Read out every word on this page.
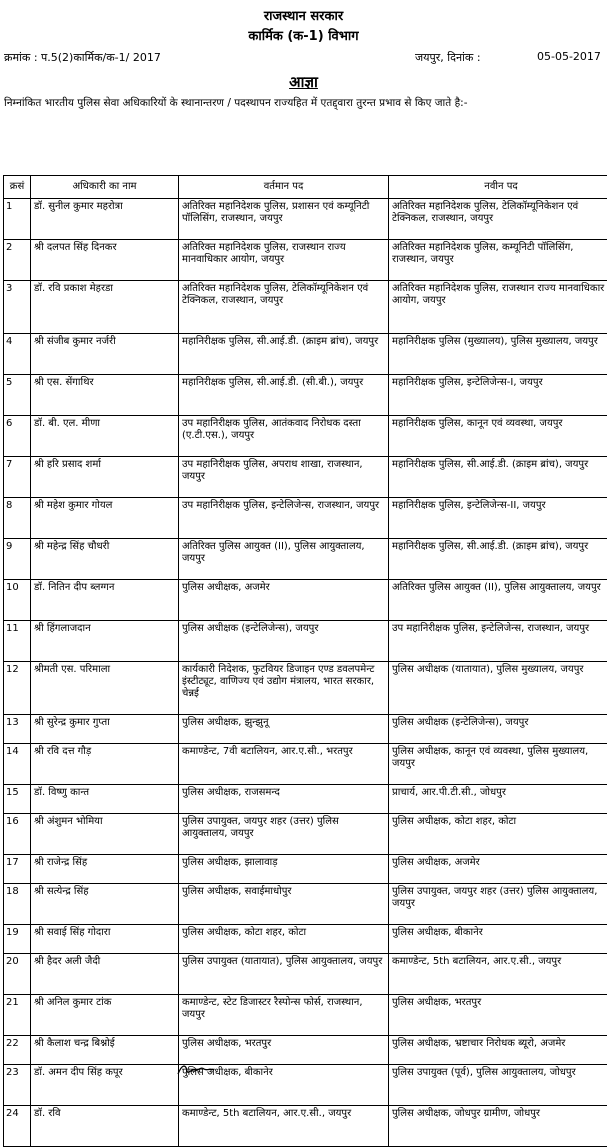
राजस्थान सरकार
कार्मिक (क-1) विभाग
क्रमांक : प.5(2)कार्मिक/क-1/ 2017	जयपुर, दिनांक :	05-05-2017
आज्ञा
निम्नांकित भारतीय पुलिस सेवा अधिकारियों के स्थानान्तरण / पदस्थापन राज्यहित में एतद्द्वारा तुरन्त प्रभाव से किए जाते है:-
क्रसं	अधिकारी का नाम	वर्तमान पद	नवीन पद
1	डॉ. सुनील कुमार महरोत्रा	अतिरिक्त महानिदेशक पुलिस, प्रशासन एवं कम्यूनिटी पॉलिसिंग, राजस्थान, जयपुर	अतिरिक्त महानिदेशक पुलिस, टेलिकॉम्यूनिकेशन एवं टेक्निकल, राजस्थान, जयपुर
2	श्री दलपत सिंह दिनकर	अतिरिक्त महानिदेशक पुलिस, राजस्थान राज्य मानवाधिकार आयोग, जयपुर	अतिरिक्त महानिदेशक पुलिस, कम्यूनिटी पॉलिसिंग, राजस्थान, जयपुर
3	डॉ. रवि प्रकाश मेहरडा	अतिरिक्त महानिदेशक पुलिस, टेलिकॉम्यूनिकेशन एवं टेक्निकल, राजस्थान, जयपुर	अतिरिक्त महानिदेशक पुलिस, राजस्थान राज्य मानवाधिकार आयोग, जयपुर
4	श्री संजीब कुमार नर्जरी	महानिरीक्षक पुलिस, सी.आई.डी. (क्राइम ब्रांच), जयपुर	महानिरीक्षक पुलिस (मुख्यालय), पुलिस मुख्यालय, जयपुर
5	श्री एस. सेंगाथिर	महानिरीक्षक पुलिस, सी.आई.डी. (सी.बी.), जयपुर	महानिरीक्षक पुलिस, इन्टेलिजेन्स-I, जयपुर
6	डॉ. बी. एल. मीणा	उप महानिरीक्षक पुलिस, आतंकवाद निरोधक दस्ता (ए.टी.एस.), जयपुर	महानिरीक्षक पुलिस, कानून एवं व्यवस्था, जयपुर
7	श्री हरि प्रसाद शर्मा	उप महानिरीक्षक पुलिस, अपराध शाखा, राजस्थान, जयपुर	महानिरीक्षक पुलिस, सी.आई.डी. (क्राइम ब्रांच), जयपुर
8	श्री महेश कुमार गोयल	उप महानिरीक्षक पुलिस, इन्टेलिजेन्स, राजस्थान, जयपुर	महानिरीक्षक पुलिस, इन्टेलिजेन्स-II, जयपुर
9	श्री महेन्द्र सिंह चौधरी	अतिरिक्त पुलिस आयुक्त (II), पुलिस आयुक्तालय, जयपुर	महानिरीक्षक पुलिस, सी.आई.डी. (क्राइम ब्रांच), जयपुर
10	डॉ. नितिन दीप ब्लग्गन	पुलिस अधीक्षक, अजमेर	अतिरिक्त पुलिस आयुक्त (II), पुलिस आयुक्तालय, जयपुर
11	श्री हिंगलाजदान	पुलिस अधीक्षक (इन्टेलिजेन्स), जयपुर	उप महानिरीक्षक पुलिस, इन्टेलिजेन्स, राजस्थान, जयपुर
12	श्रीमती एस. परिमाला	कार्यकारी निदेशक, फुटवियर डिजाइन एण्ड डवलपमेन्ट इंस्टीट्यूट, वाणिज्य एवं उद्योग मंत्रालय, भारत सरकार, चेन्नई	पुलिस अधीक्षक (यातायात), पुलिस मुख्यालय, जयपुर
13	श्री सुरेन्द्र कुमार गुप्ता	पुलिस अधीक्षक, झुन्झुनू	पुलिस अधीक्षक (इन्टेलिजेन्स), जयपुर
14	श्री रवि दत्त गौड़	कमाण्डेन्ट, 7वी बटालियन, आर.ए.सी., भरतपुर	पुलिस अधीक्षक, कानून एवं व्यवस्था, पुलिस मुख्यालय, जयपुर
15	डॉ. विष्णु कान्त	पुलिस अधीक्षक, राजसमन्द	प्राचार्य, आर.पी.टी.सी., जोधपुर
16	श्री अंशुमन भोमिया	पुलिस उपायुक्त, जयपुर शहर (उत्तर) पुलिस आयुक्तालय, जयपुर	पुलिस अधीक्षक, कोटा शहर, कोटा
17	श्री राजेन्द्र सिंह	पुलिस अधीक्षक, झालावाड़	पुलिस अधीक्षक, अजमेर
18	श्री सत्येन्द्र सिंह	पुलिस अधीक्षक, सवाईमाधोपुर	पुलिस उपायुक्त, जयपुर शहर (उत्तर) पुलिस आयुक्तालय, जयपुर
19	श्री सवाई सिंह गोदारा	पुलिस अधीक्षक, कोटा शहर, कोटा	पुलिस अधीक्षक, बीकानेर
20	श्री हैदर अली जैदी	पुलिस उपायुक्त (यातायात), पुलिस आयुक्तालय, जयपुर	कमाण्डेन्ट, 5th बटालियन, आर.ए.सी., जयपुर
21	श्री अनिल कुमार टांक	कमाण्डेन्ट, स्टेट डिजास्टर रैस्पोन्स फोर्स, राजस्थान, जयपुर	पुलिस अधीक्षक, भरतपुर
22	श्री कैलाश चन्द्र बिश्नोई	पुलिस अधीक्षक, भरतपुर	पुलिस अधीक्षक, भ्रष्टाचार निरोधक ब्यूरो, अजमेर
23	डॉ. अमन दीप सिंह कपूर	पुलिस अधीक्षक, बीकानेर	पुलिस उपायुक्त (पूर्व), पुलिस आयुक्तालय, जोधपुर
24	डॉ. रवि	कमाण्डेन्ट, 5th बटालियन, आर.ए.सी., जयपुर	पुलिस अधीक्षक, जोधपुर ग्रामीण, जोधपुर
